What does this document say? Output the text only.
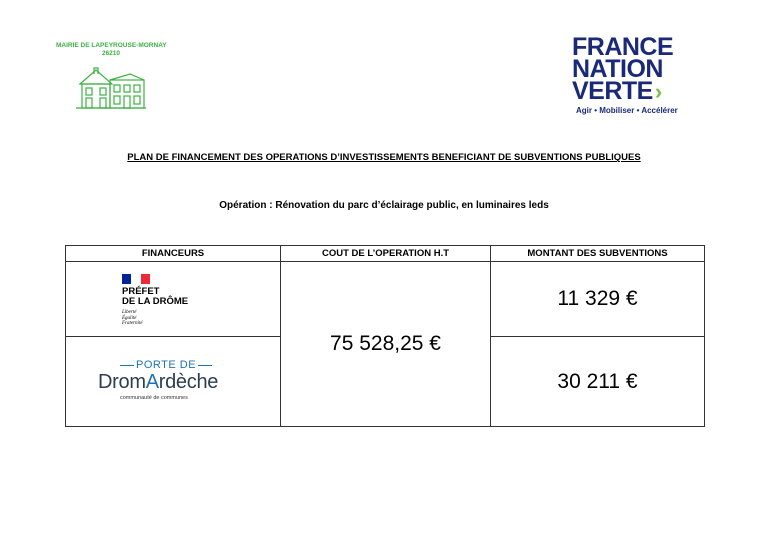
MAIRIE DE LAPEYROUSE-MORNAY
26210	FRANCE
NATION
VERTE›
Agir • Mobiliser • Accélérer
PLAN DE FINANCEMENT DES OPERATIONS D’INVESTISSEMENTS BENEFICIANT DE SUBVENTIONS PUBLIQUES
Opération : Rénovation du parc d’éclairage public, en luminaires leds
FINANCEURS	COUT DE L’OPERATION H.T	MONTANT DES SUBVENTIONS

PRÉFET
DE LA DRÔME
Liberté
Égalité
Fraternité	75 528,25 €	11 329 €

PORTE DE
DromArdèche
communauté de communes		30 211 €
